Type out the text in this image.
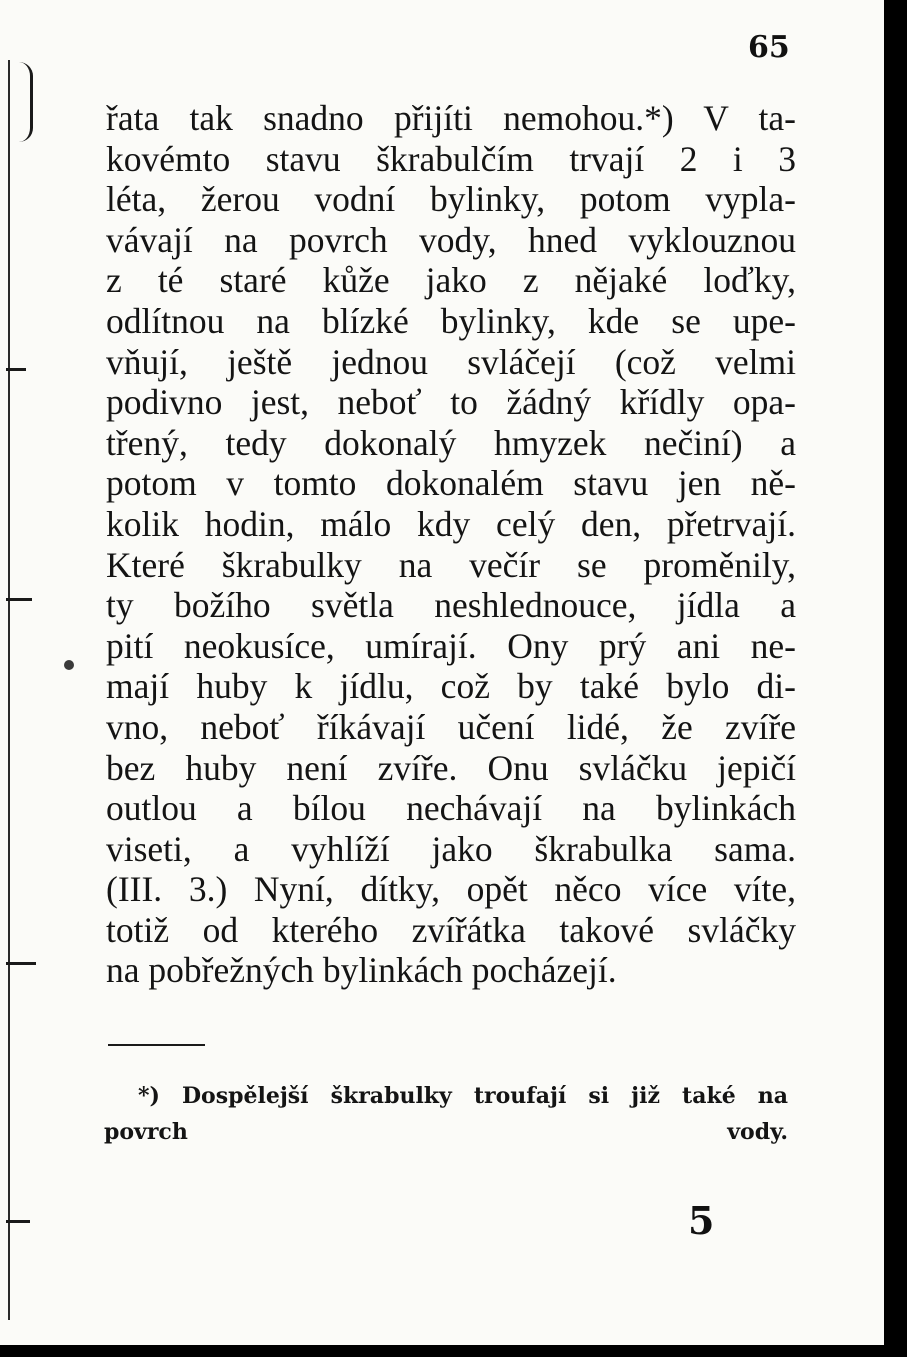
65
řata tak snadno přijíti nemohou.*) V ta-
kovémto stavu škrabulčím trvají 2 i 3
léta, žerou vodní bylinky, potom vypla-
vávají na povrch vody, hned vyklouznou
z té staré kůže jako z nějaké loďky,
odlítnou na blízké bylinky, kde se upe-
vňují, ještě jednou svláčejí (což velmi
podivno jest, neboť to žádný křídly opa-
třený, tedy dokonalý hmyzek nečiní) a
potom v tomto dokonalém stavu jen ně-
kolik hodin, málo kdy celý den, přetrvají.
Které škrabulky na večír se proměnily,
ty božího světla neshlednouce, jídla a
pití neokusíce, umírají. Ony prý ani ne-
mají huby k jídlu, což by také bylo di-
vno, neboť říkávají učení lidé, že zvíře
bez huby není zvíře. Onu svláčku jepičí
outlou a bílou nechávají na bylinkách
viseti, a vyhlíží jako škrabulka sama.
(III. 3.) Nyní, dítky, opět něco více víte,
totiž od kterého zvířátka takové svláčky
na pobřežných bylinkách pocházejí.
*) Dospělejší škrabulky troufají si již také na
povrch vody.
5
